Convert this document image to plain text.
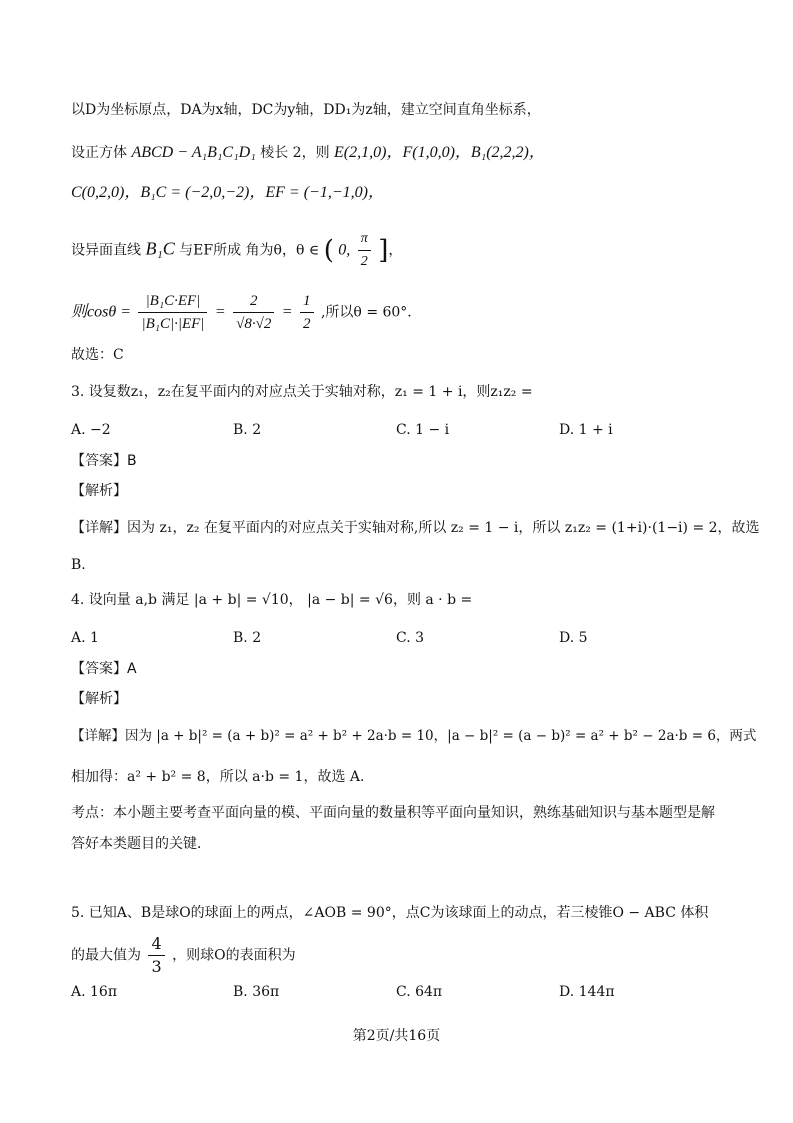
以D为坐标原点，DA为x轴，DC为y轴，DD₁为z轴，建立空间直角坐标系，
设正方体 ABCD − A₁B₁C₁D₁ 棱长 2，则 E(2,1,0)，F(1,0,0)，B₁(2,2,2)，
C(0,2,0)，B₁C = (−2,0,−2)，EF = (−1,−1,0)，
设异面直线 B₁C 与EF所成 角为θ，θ ∈ ( 0, $\frac{\pi}{2}$ ]，
则$\cos\theta = \frac{\text{|B₁C·EF|}}{\text{|B₁C|·|EF|}} = \frac{2}{√8\cdot√2} = \frac{1}{2}$ ,所以θ = 60°．
故选：C
3. 设复数z₁，z₂在复平面内的对应点关于实轴对称，z₁ = 1 + i，则z₁z₂ =
A. −2	B. 2	C. 1 − i	D. 1 + i
【答案】B
【解析】
【详解】因为 z₁，z₂ 在复平面内的对应点关于实轴对称,所以 z₂ = 1 − i，所以 z₁z₂ = (1+i)·(1−i) = 2，故选
B.
4. 设向量 a,b 满足 |a + b| = √10， |a − b| = √6，则 a · b =
A. 1	B. 2	C. 3	D. 5
【答案】A
【解析】
【详解】因为 |a + b|² = (a + b)² = a² + b² + 2a·b = 10，|a − b|² = (a − b)² = a² + b² − 2a·b = 6，两式
相加得：a² + b² = 8，所以 a·b = 1，故选 A.
考点：本小题主要考查平面向量的模、平面向量的数量积等平面向量知识，熟练基础知识与基本题型是解
答好本类题目的关键．
5. 已知A、B是球O的球面上的两点，∠AOB = 90°，点C为该球面上的动点，若三棱锥O − ABC 体积
的最大值为 $\frac{4}{3}$ ，则球O的表面积为
A. 16π	B. 36π	C. 64π	D. 144π
第2页/共16页
